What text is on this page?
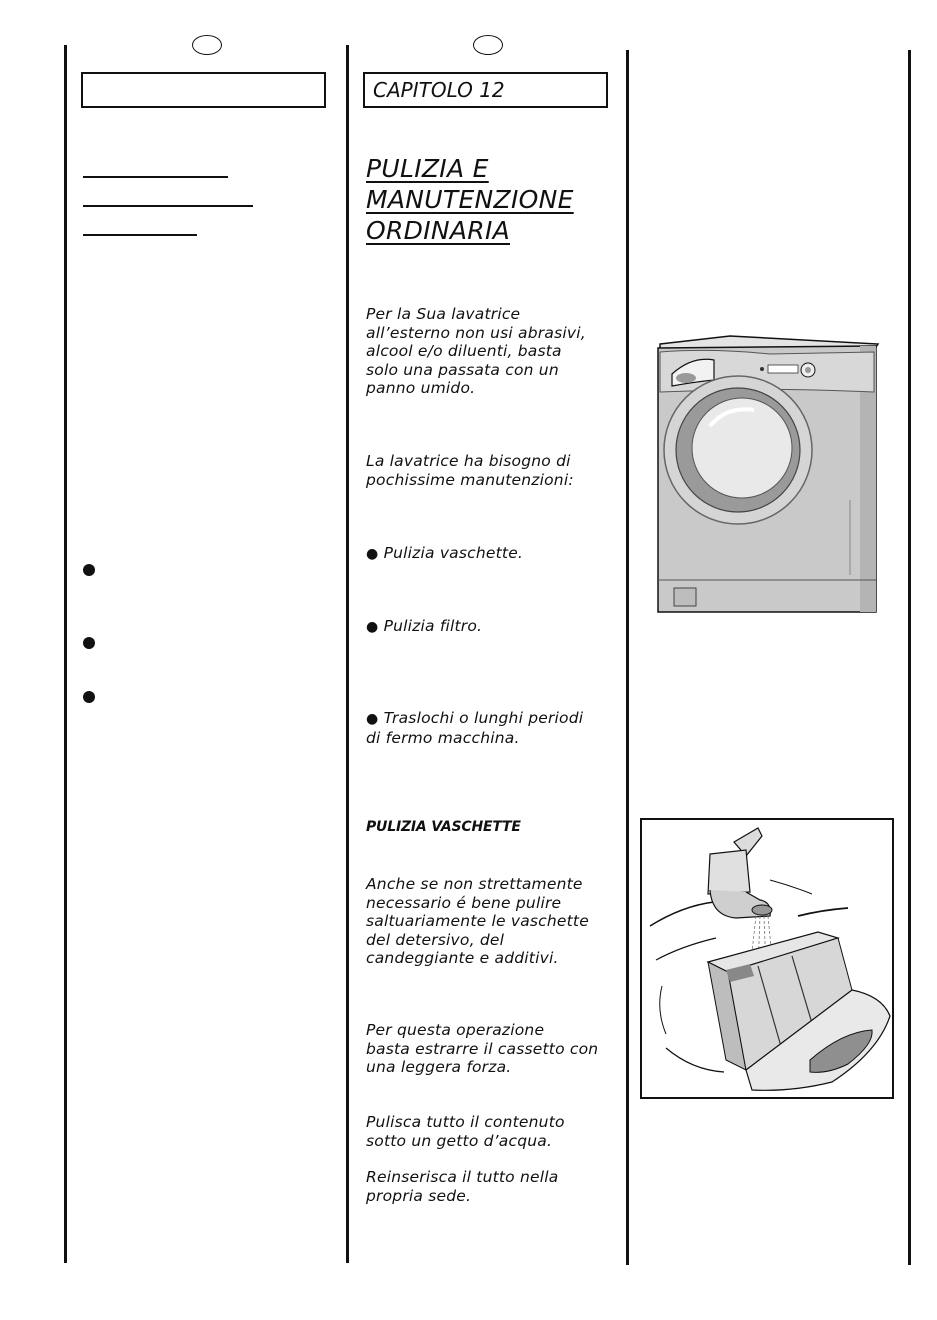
CAPITOLO 12
PULIZIA E
MANUTENZIONE
ORDINARIA
Per la Sua lavatrice
all’esterno non usi abrasivi,
alcool e/o diluenti, basta
solo una passata con un
panno umido.
La lavatrice ha bisogno di
pochissime manutenzioni:
● Pulizia vaschette.
● Pulizia filtro.
● Traslochi o lunghi periodi
di fermo macchina.
PULIZIA VASCHETTE
Anche se non strettamente
necessario é bene pulire
saltuariamente le vaschette
del detersivo, del
candeggiante e additivi.
Per questa operazione
basta estrarre il cassetto con
una leggera forza.
Pulisca tutto il contenuto
sotto un getto d’acqua.
Reinserisca il tutto nella
propria sede.
